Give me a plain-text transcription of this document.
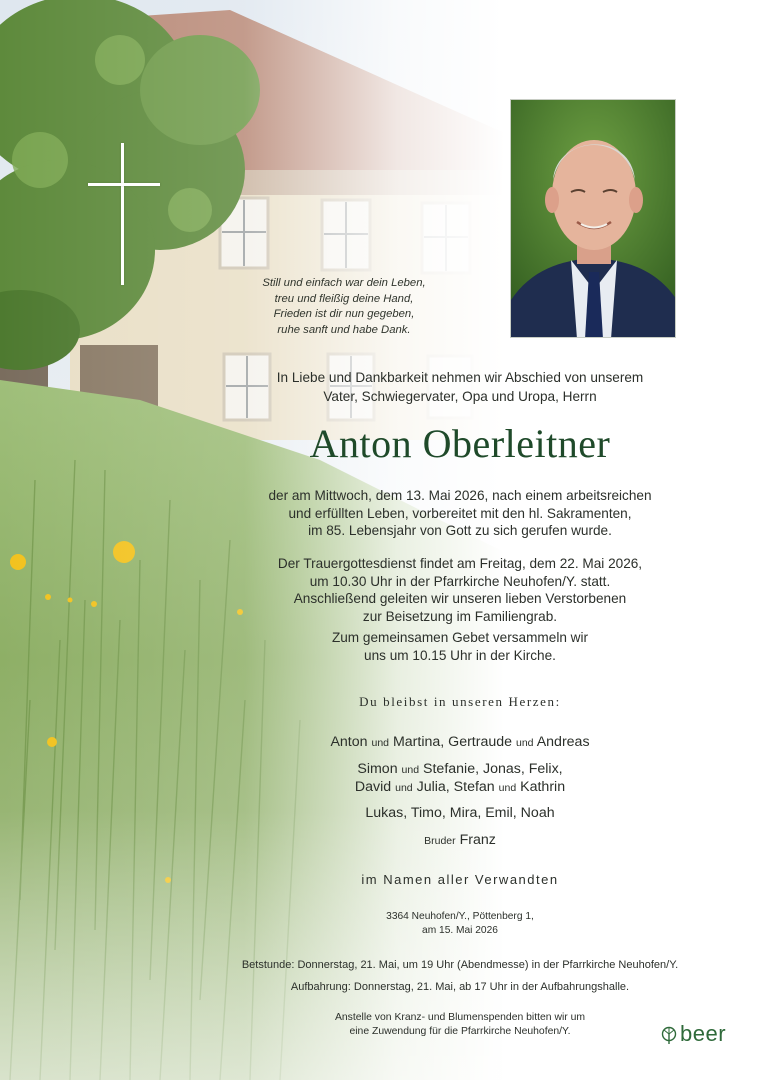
Still und einfach war dein Leben,
treu und fleißig deine Hand,
Frieden ist dir nun gegeben,
ruhe sanft und habe Dank.
In Liebe und Dankbarkeit nehmen wir Abschied von unserem
Vater, Schwiegervater, Opa und Uropa, Herrn
Anton Oberleitner
der am Mittwoch, dem 13. Mai 2026, nach einem arbeitsreichen
und erfüllten Leben, vorbereitet mit den hl. Sakramenten,
im 85. Lebensjahr von Gott zu sich gerufen wurde.
Der Trauergottesdienst findet am Freitag, dem 22. Mai 2026,
um 10.30 Uhr in der Pfarrkirche Neuhofen/Y. statt.
Anschließend geleiten wir unseren lieben Verstorbenen
zur Beisetzung im Familiengrab.
Zum gemeinsamen Gebet versammeln wir
uns um 10.15 Uhr in der Kirche.
Du bleibst in unseren Herzen:
Anton und Martina, Gertraude und Andreas
Simon und Stefanie, Jonas, Felix,
David und Julia, Stefan und Kathrin
Lukas, Timo, Mira, Emil, Noah
Bruder Franz
im Namen aller Verwandten
3364 Neuhofen/Y., Pöttenberg 1,
am 15. Mai 2026
Betstunde: Donnerstag, 21. Mai, um 19 Uhr (Abendmesse) in der Pfarrkirche Neuhofen/Y.
Aufbahrung: Donnerstag, 21. Mai, ab 17 Uhr in der Aufbahrungshalle.
Anstelle von Kranz- und Blumenspenden bitten wir um
eine Zuwendung für die Pfarrkirche Neuhofen/Y.	beer
